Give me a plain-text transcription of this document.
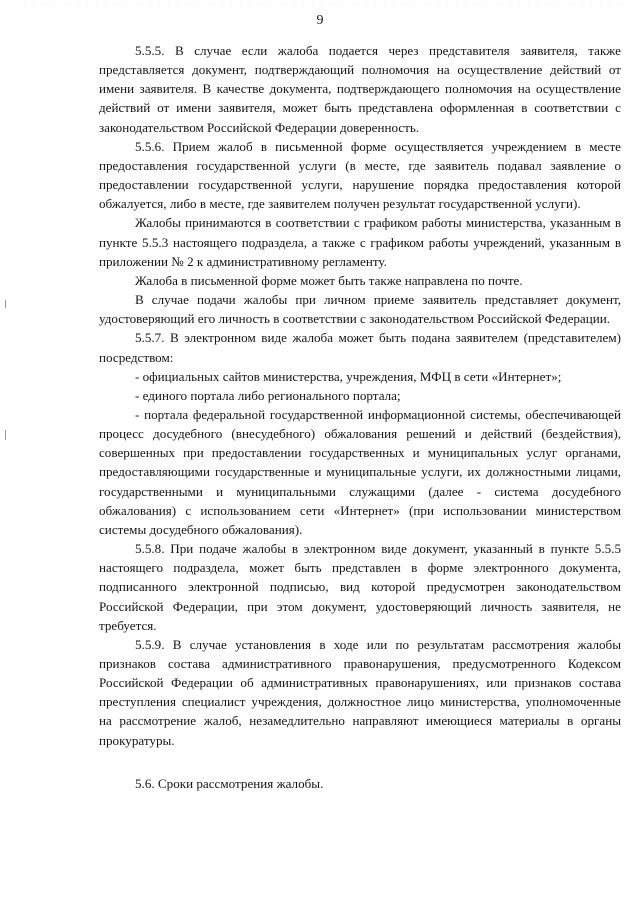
9

5.5.5. В случае если жалоба подается через представителя заявителя, также представляется документ, подтверждающий полномочия на осуществление действий от имени заявителя. В качестве документа, подтверждающего полномочия на осуществление действий от имени заявителя, может быть представлена оформленная в соответствии с законодательством Российской Федерации доверенность.

5.5.6. Прием жалоб в письменной форме осуществляется учреждением в месте предоставления государственной услуги (в месте, где заявитель подавал заявление о предоставлении государственной услуги, нарушение порядка предоставления которой обжалуется, либо в месте, где заявителем получен результат государственной услуги).

Жалобы принимаются в соответствии с графиком работы министерства, указанным в пункте 5.5.3 настоящего подраздела, а также с графиком работы учреждений, указанным в приложении № 2 к административному регламенту.

Жалоба в письменной форме может быть также направлена по почте.

В случае подачи жалобы при личном приеме заявитель представляет документ, удостоверяющий его личность в соответствии с законодательством Российской Федерации.

5.5.7. В электронном виде жалоба может быть подана заявителем (представителем) посредством:

- официальных сайтов министерства, учреждения, МФЦ в сети «Интернет»;

- единого портала либо регионального портала;

- портала федеральной государственной информационной системы, обеспечивающей процесс досудебного (внесудебного) обжалования решений и действий (бездействия), совершенных при предоставлении государственных и муниципальных услуг органами, предоставляющими государственные и муниципальные услуги, их должностными лицами, государственными и муниципальными служащими (далее - система досудебного обжалования) с использованием сети «Интернет» (при использовании министерством системы досудебного обжалования).

5.5.8. При подаче жалобы в электронном виде документ, указанный в пункте 5.5.5 настоящего подраздела, может быть представлен в форме электронного документа, подписанного электронной подписью, вид которой предусмотрен законодательством Российской Федерации, при этом документ, удостоверяющий личность заявителя, не требуется.

5.5.9. В случае установления в ходе или по результатам рассмотрения жалобы признаков состава административного правонарушения, предусмотренного Кодексом Российской Федерации об административных правонарушениях, или признаков состава преступления специалист учреждения, должностное лицо министерства, уполномоченные на рассмотрение жалоб, незамедлительно направляют имеющиеся материалы в органы прокуратуры.

5.6. Сроки рассмотрения жалобы.
